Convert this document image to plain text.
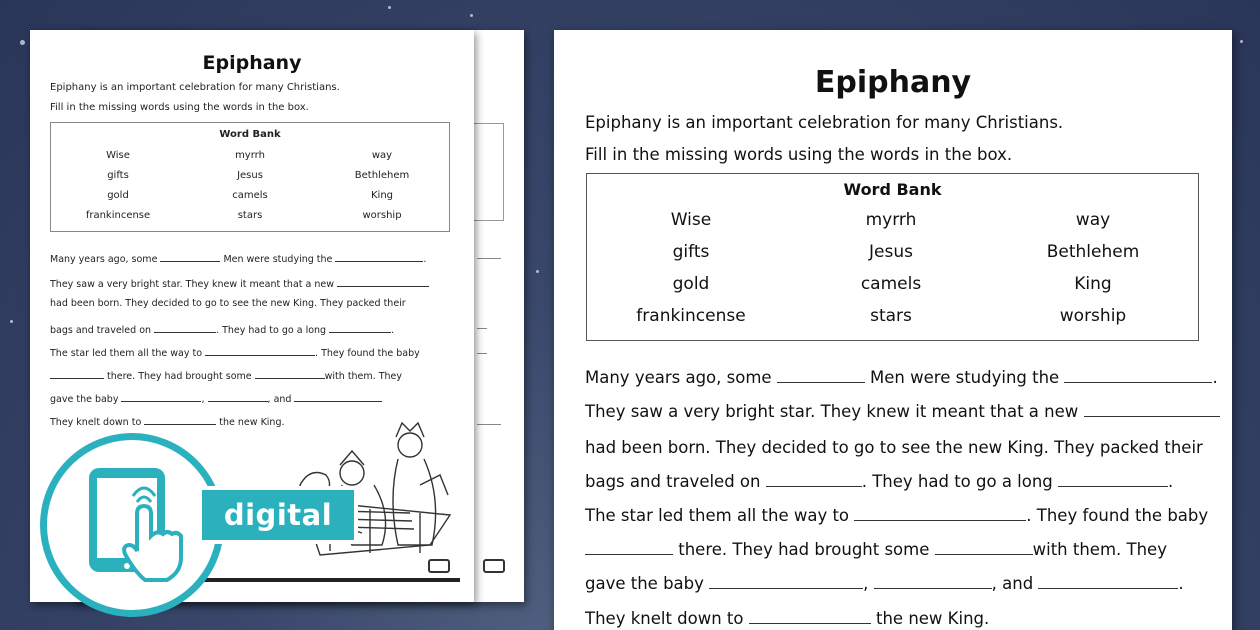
Epiphany
Epiphany is an important celebration for many Christians.
Fill in the missing words using the words in the box.
Word Bank
Wise	myrrh	way
gifts	Jesus	Bethlehem
gold	camels	King
frankincense	stars	worship
Many years ago, some	Men were studying the	.
They saw a very bright star. They knew it meant that a new
had been born. They decided to go to see the new King. They packed their
bags and traveled on	. They had to go a long	.
The star led them all the way to	. They found the baby
there. They had brought some	with them. They
gave the baby	,	, and
They knelt down to	the new King.
digital
Epiphany
Epiphany is an important celebration for many Christians.
Fill in the missing words using the words in the box.
Word Bank
Wise	myrrh	way
gifts	Jesus	Bethlehem
gold	camels	King
frankincense	stars	worship
Many years ago, some	Men were studying the	.
They saw a very bright star. They knew it meant that a new
had been born. They decided to go to see the new King. They packed their
bags and traveled on	. They had to go a long	.
The star led them all the way to	. They found the baby
there. They had brought some	with them. They
gave the baby	,	, and	.
They knelt down to	the new King.
